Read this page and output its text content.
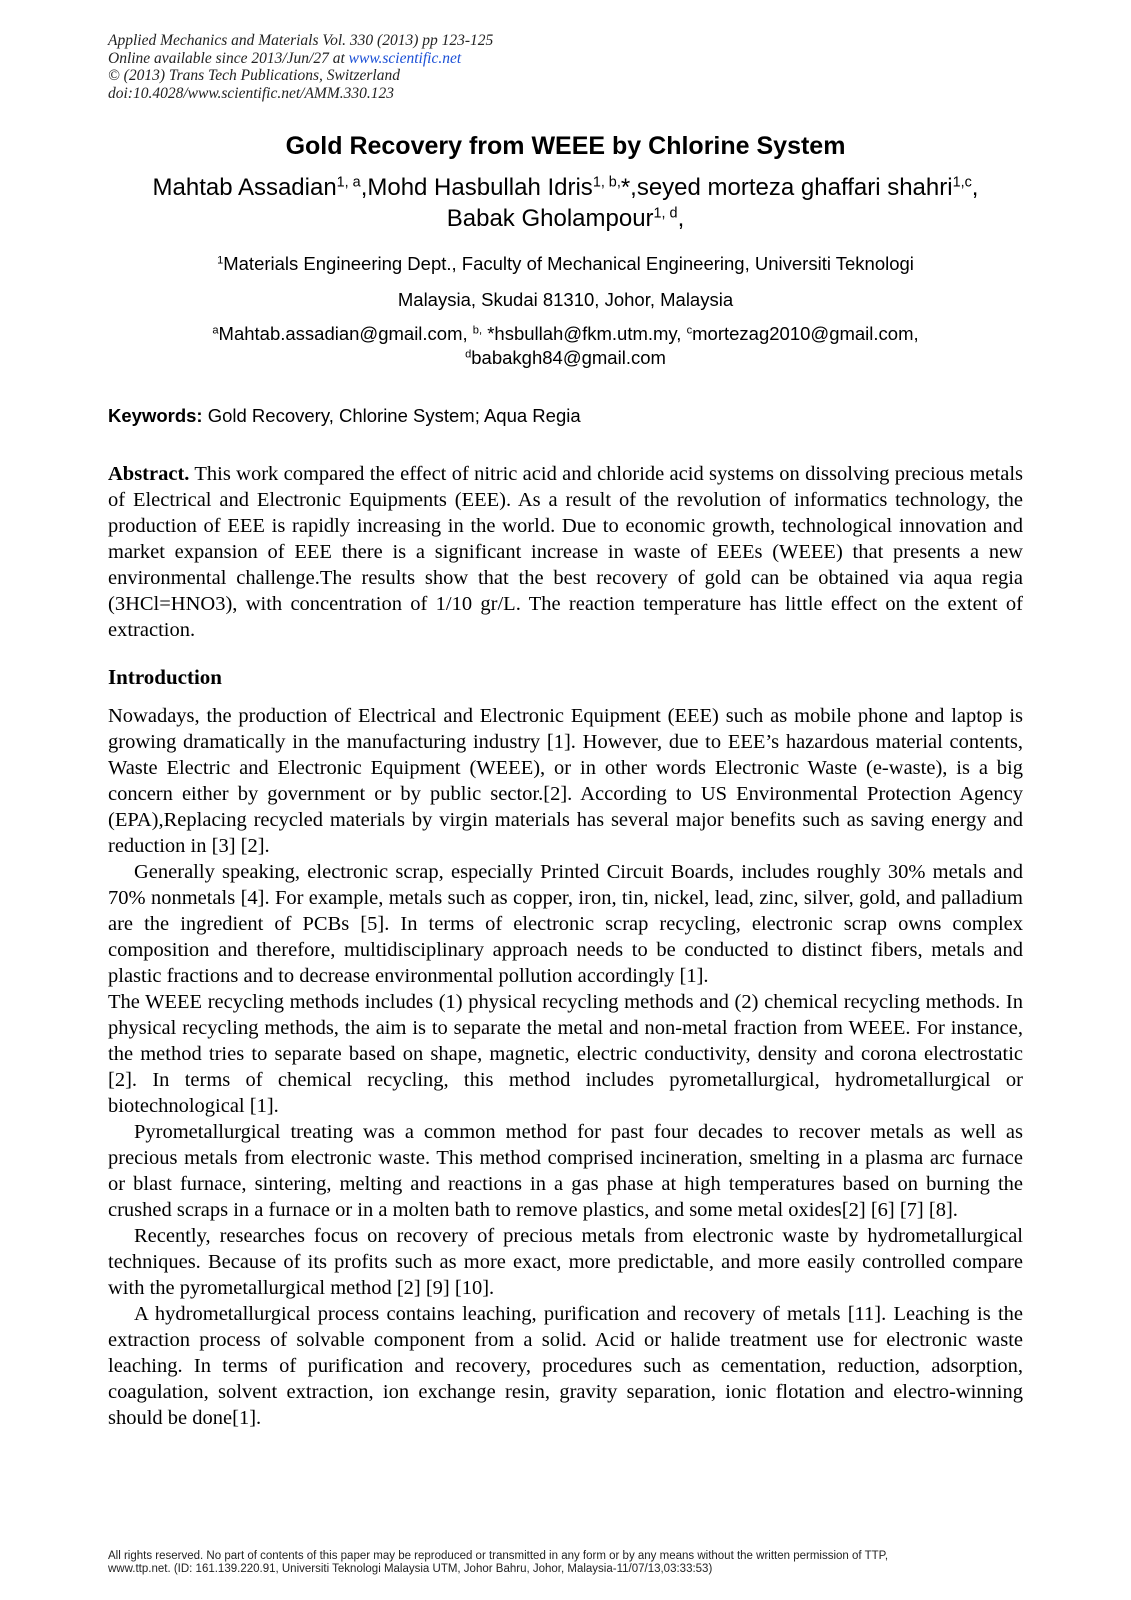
Applied Mechanics and Materials Vol. 330 (2013) pp 123-125
Online available since 2013/Jun/27 at www.scientific.net
© (2013) Trans Tech Publications, Switzerland
doi:10.4028/www.scientific.net/AMM.330.123
Gold Recovery from WEEE by Chlorine System
Mahtab Assadian$^{1, a}$,Mohd Hasbullah Idris$^{1, b,}$*,seyed morteza ghaffari shahri$^{1,c}$,
Babak Gholampour$^{1, d}$,
$^1$Materials Engineering Dept., Faculty of Mechanical Engineering, Universiti Teknologi
Malaysia, Skudai 81310, Johor, Malaysia
$^a$Mahtab.assadian@gmail.com, $^{b,}$ *hsbullah@fkm.utm.my, $^c$mortezag2010@gmail.com,
$^d$babakgh84@gmail.com
Keywords: Gold Recovery, Chlorine System; Aqua Regia
Abstract. This work compared the effect of nitric acid and chloride acid systems on dissolving precious metals of Electrical and Electronic Equipments (EEE). As a result of the revolution of informatics technology, the production of EEE is rapidly increasing in the world. Due to economic growth, technological innovation and market expansion of EEE there is a significant increase in waste of EEEs (WEEE) that presents a new environmental challenge.The results show that the best recovery of gold can be obtained via aqua regia (3HCl=HNO3), with concentration of 1/10 gr/L. The reaction temperature has little effect on the extent of extraction.
Introduction

Nowadays, the production of Electrical and Electronic Equipment (EEE) such as mobile phone and laptop is growing dramatically in the manufacturing industry [1]. However, due to EEE’s hazardous material contents, Waste Electric and Electronic Equipment (WEEE), or in other words Electronic Waste (e-waste), is a big concern either by government or by public sector.[2]. According to US Environmental Protection Agency (EPA),Replacing recycled materials by virgin materials has several major benefits such as saving energy and reduction in [3] [2].

Generally speaking, electronic scrap, especially Printed Circuit Boards, includes roughly 30% metals and 70% nonmetals [4]. For example, metals such as copper, iron, tin, nickel, lead, zinc, silver, gold, and palladium are the ingredient of PCBs [5]. In terms of electronic scrap recycling, electronic scrap owns complex composition and therefore, multidisciplinary approach needs to be conducted to distinct fibers, metals and plastic fractions and to decrease environmental pollution accordingly [1].

The WEEE recycling methods includes (1) physical recycling methods and (2) chemical recycling methods. In physical recycling methods, the aim is to separate the metal and non-metal fraction from WEEE. For instance, the method tries to separate based on shape, magnetic, electric conductivity, density and corona electrostatic [2]. In terms of chemical recycling, this method includes pyrometallurgical, hydrometallurgical or biotechnological [1].

Pyrometallurgical treating was a common method for past four decades to recover metals as well as precious metals from electronic waste. This method comprised incineration, smelting in a plasma arc furnace or blast furnace, sintering, melting and reactions in a gas phase at high temperatures based on burning the crushed scraps in a furnace or in a molten bath to remove plastics, and some metal oxides[2] [6] [7] [8].

Recently, researches focus on recovery of precious metals from electronic waste by hydrometallurgical techniques. Because of its profits such as more exact, more predictable, and more easily controlled compare with the pyrometallurgical method [2] [9] [10].

A hydrometallurgical process contains leaching, purification and recovery of metals [11]. Leaching is the extraction process of solvable component from a solid. Acid or halide treatment use for electronic waste leaching. In terms of purification and recovery, procedures such as cementation, reduction, adsorption, coagulation, solvent extraction, ion exchange resin, gravity separation, ionic flotation and electro-winning should be done[1].

All rights reserved. No part of contents of this paper may be reproduced or transmitted in any form or by any means without the written permission of TTP,
www.ttp.net. (ID: 161.139.220.91, Universiti Teknologi Malaysia UTM, Johor Bahru, Johor, Malaysia-11/07/13,03:33:53)
